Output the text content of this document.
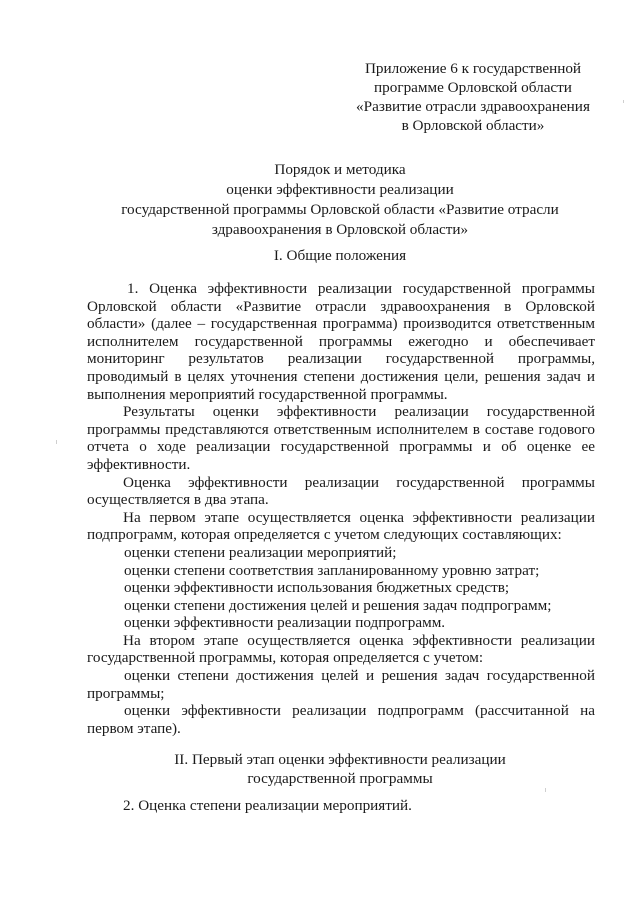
Приложение 6 к государственной
программе Орловской области
«Развитие отрасли здравоохранения
в Орловской области»
Порядок и методика
оценки эффективности реализации
государственной программы Орловской области «Развитие отрасли
здравоохранения в Орловской области»
I. Общие положения

1. Оценка эффективности реализации государственной программы Орловской области «Развитие отрасли здравоохранения в Орловской области» (далее – государственная программа) производится ответственным исполнителем государственной программы ежегодно и обеспечивает мониторинг результатов реализации государственной программы, проводимый в целях уточнения степени достижения цели, решения задач и выполнения мероприятий государственной программы.

Результаты оценки эффективности реализации государственной программы представляются ответственным исполнителем в составе годового отчета о ходе реализации государственной программы и об оценке ее эффективности.

Оценка эффективности реализации государственной программы осуществляется в два этапа.

На первом этапе осуществляется оценка эффективности реализации подпрограмм, которая определяется с учетом следующих составляющих:

оценки степени реализации мероприятий;

оценки степени соответствия запланированному уровню затрат;

оценки эффективности использования бюджетных средств;

оценки степени достижения целей и решения задач подпрограмм;

оценки эффективности реализации подпрограмм.

На втором этапе осуществляется оценка эффективности реализации государственной программы, которая определяется с учетом:

оценки степени достижения целей и решения задач государственной программы;

оценки эффективности реализации подпрограмм (рассчитанной на первом этапе).

II. Первый этап оценки эффективности реализации
государственной программы
2. Оценка степени реализации мероприятий.
